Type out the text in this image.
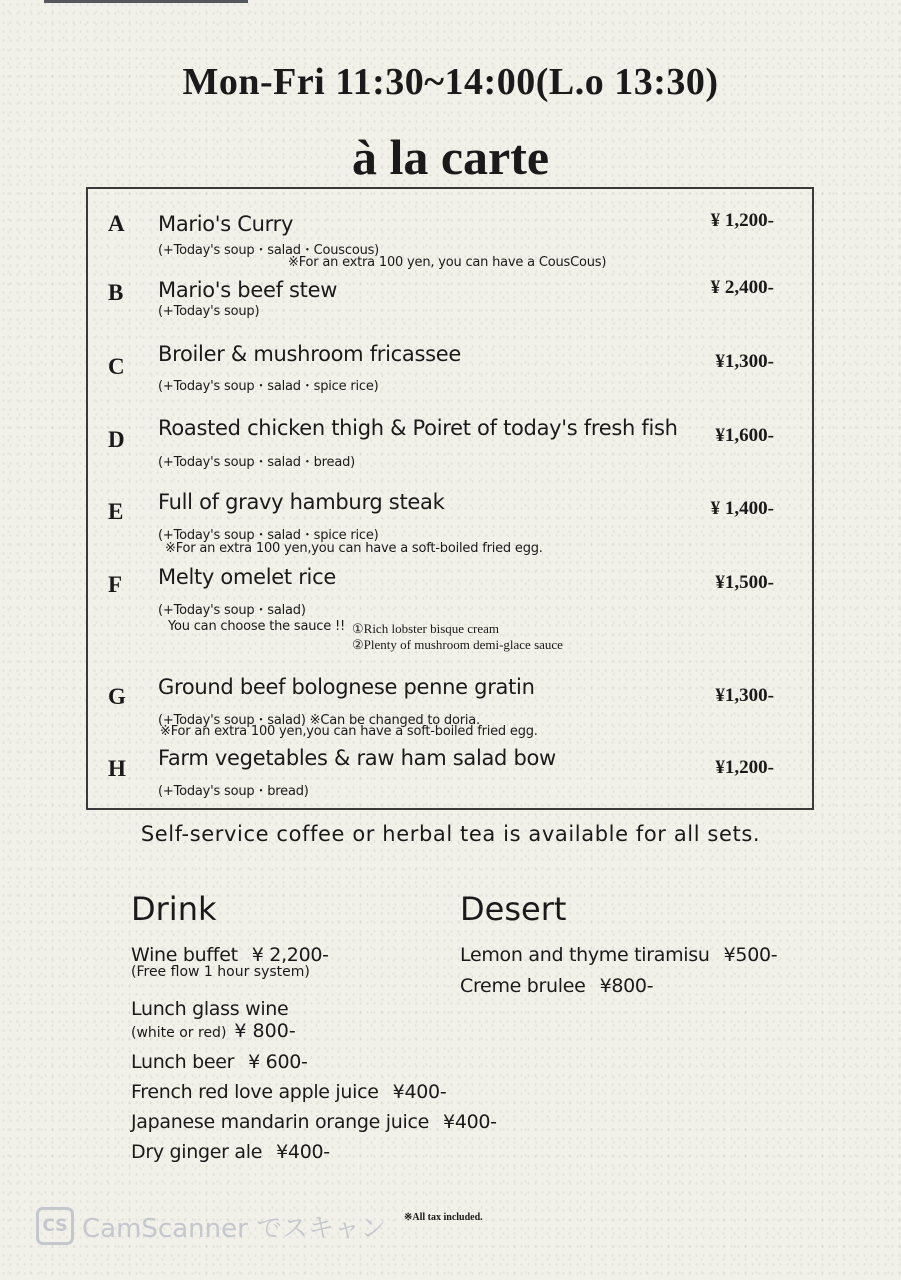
Mon-Fri 11:30~14:00(L.o 13:30)
à la carte
A Mario's Curry	¥ 1,200-
(+Today's soup・salad・Couscous)
※For an extra 100 yen, you can have a CousCous)
B Mario's beef stew	¥ 2,400-
(+Today's soup)
C Broiler & mushroom fricassee	¥1,300-
(+Today's soup・salad・spice rice)
D Roasted chicken thigh & Poiret of today's fresh fish ¥1,600-
(+Today's soup・salad・bread)
E Full of gravy hamburg steak	¥ 1,400-
(+Today's soup・salad・spice rice)
※For an extra 100 yen,you can have a soft-boiled fried egg.
F Melty omelet rice	¥1,500-
(+Today's soup・salad)
You can choose the sauce !! ①Rich lobster bisque cream
②Plenty of mushroom demi-glace sauce
G Ground beef bolognese penne gratin	¥1,300-
(+Today's soup・salad) ※Can be changed to doria.
※For an extra 100 yen,you can have a soft-boiled fried egg.
H Farm vegetables & raw ham salad bow	¥1,200-
(+Today's soup・bread)
Self-service coffee or herbal tea is available for all sets.
Drink
Wine buffet ¥ 2,200-
(Free flow 1 hour system)
Lunch glass wine
(white or red) ¥ 800-
Lunch beer ¥ 600-
French red love apple juice ¥400-
Japanese mandarin orange juice ¥400-
Dry ginger ale ¥400-
Desert
Lemon and thyme tiramisu ¥500-
Creme brulee ¥800-
※All tax included.
CS CamScanner でスキャン
